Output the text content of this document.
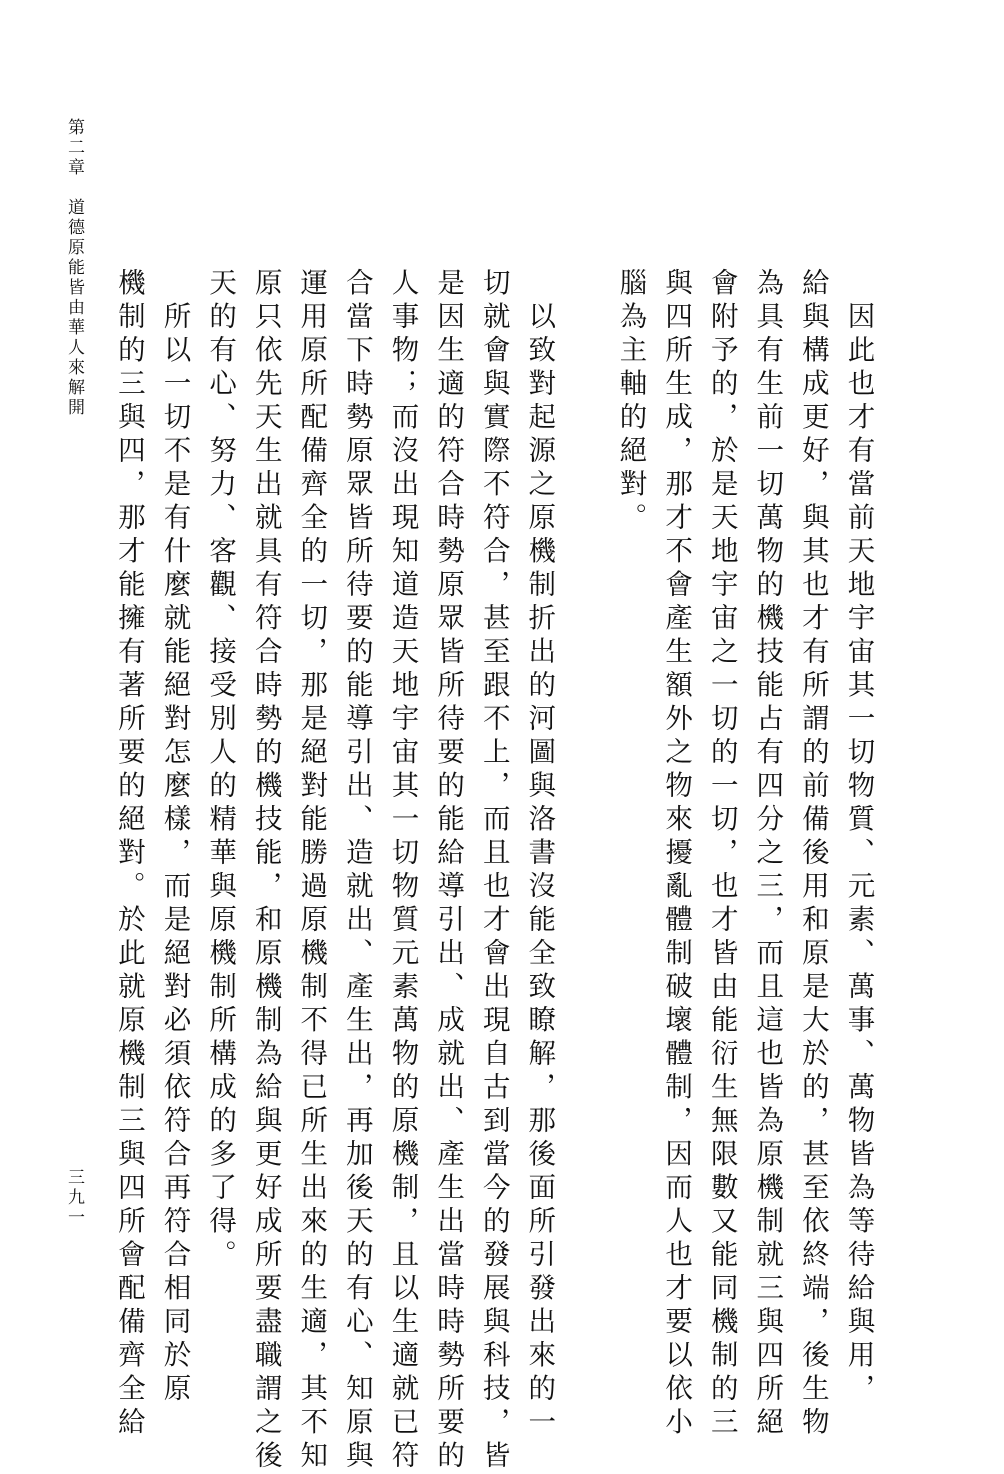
第二章　道德原能皆由華人來解開
三九一	　因此也才有當前天地宇宙其一切物質、元素、萬事、萬物皆為等待給與用，
給與構成更好，與其也才有所謂的前備後用和原是大於的，甚至依終端，後生物
為具有生前一切萬物的機技能占有四分之三，而且這也皆為原機制就三與四所絕
會附予的，於是天地宇宙之一切的一切，也才皆由能衍生無限數又能同機制的三
與四所生成，那才不會產生額外之物來擾亂體制破壞體制，因而人也才要以依小
腦為主軸的絕對。
　以致對起源之原機制折出的河圖與洛書沒能全致瞭解，那後面所引發出來的一
切就會與實際不符合，甚至跟不上，而且也才會出現自古到當今的發展與科技，皆
是因生適的符合時勢原眾皆所待要的能給導引出、成就出、產生出當時時勢所要的
人事物；而沒出現知道造天地宇宙其一切物質元素萬物的原機制，且以生適就已符
合當下時勢原眾皆所待要的能導引出、造就出、產生出，再加後天的有心、知原與
運用原所配備齊全的一切，那是絕對能勝過原機制不得已所生出來的生適，其不知
原只依先天生出就具有符合時勢的機技能，和原機制為給與更好成所要盡職謂之後
天的有心、努力、客觀、接受別人的精華與原機制所構成的多了得。
　所以一切不是有什麼就能絕對怎麼樣，而是絕對必須依符合再符合相同於原
機制的三與四，那才能擁有著所要的絕對。於此就原機制三與四所會配備齊全給
